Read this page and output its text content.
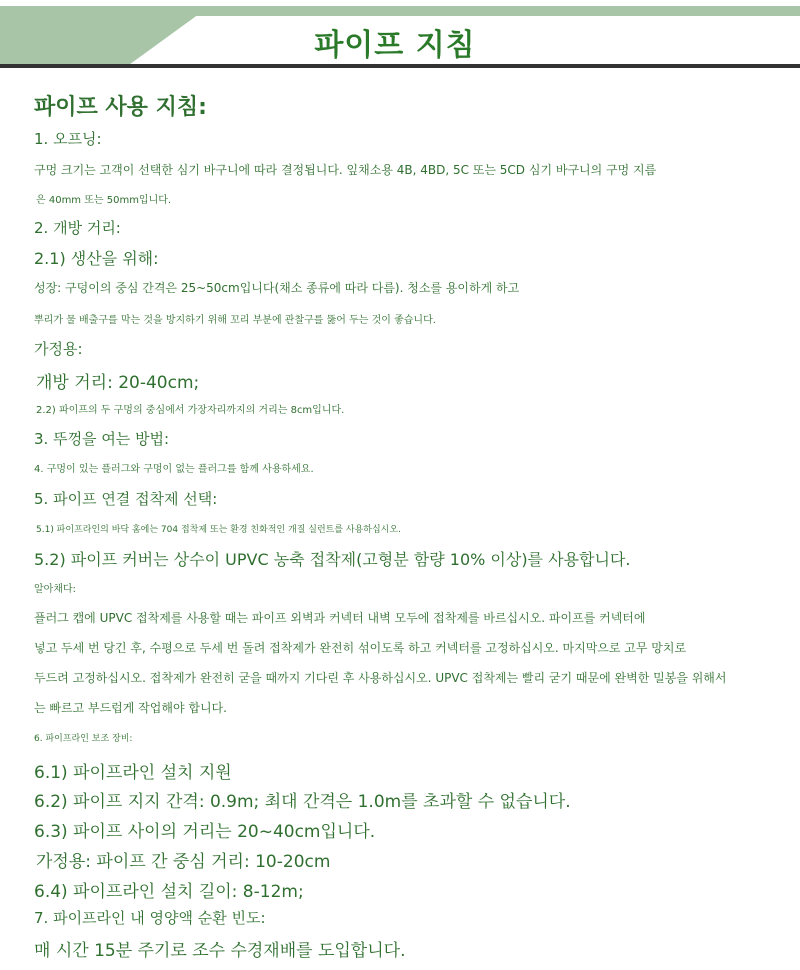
파이프 지침
파이프 사용 지침:
1. 오프닝:
구멍 크기는 고객이 선택한 심기 바구니에 따라 결정됩니다. 잎채소용 4B, 4BD, 5C 또는 5CD 심기 바구니의 구멍 지름
은 40mm 또는 50mm입니다.
2. 개방 거리:
2.1) 생산을 위해:
성장: 구덩이의 중심 간격은 25~50cm입니다(채소 종류에 따라 다름). 청소를 용이하게 하고
뿌리가 물 배출구를 막는 것을 방지하기 위해 꼬리 부분에 관찰구를 뚫어 두는 것이 좋습니다.
가정용:
개방 거리: 20-40cm;
2.2) 파이프의 두 구멍의 중심에서 가장자리까지의 거리는 8cm입니다.
3. 뚜껑을 여는 방법:
4. 구멍이 있는 플러그와 구멍이 없는 플러그를 함께 사용하세요.
5. 파이프 연결 접착제 선택:
5.1) 파이프라인의 바닥 홈에는 704 접착제 또는 환경 친화적인 개질 실런트를 사용하십시오.
5.2) 파이프 커버는 상수이 UPVC 농축 접착제(고형분 함량 10% 이상)를 사용합니다.
알아채다:
플러그 캡에 UPVC 접착제를 사용할 때는 파이프 외벽과 커넥터 내벽 모두에 접착제를 바르십시오. 파이프를 커넥터에
넣고 두세 번 당긴 후, 수평으로 두세 번 돌려 접착제가 완전히 섞이도록 하고 커넥터를 고정하십시오. 마지막으로 고무 망치로
두드려 고정하십시오. 접착제가 완전히 굳을 때까지 기다린 후 사용하십시오. UPVC 접착제는 빨리 굳기 때문에 완벽한 밀봉을 위해서
는 빠르고 부드럽게 작업해야 합니다.
6. 파이프라인 보조 장비:
6.1) 파이프라인 설치 지원
6.2) 파이프 지지 간격: 0.9m; 최대 간격은 1.0m를 초과할 수 없습니다.
6.3) 파이프 사이의 거리는 20~40cm입니다.
가정용: 파이프 간 중심 거리: 10-20cm
6.4) 파이프라인 설치 길이: 8-12m;
7. 파이프라인 내 영양액 순환 빈도:
매 시간 15분 주기로 조수 수경재배를 도입합니다.
